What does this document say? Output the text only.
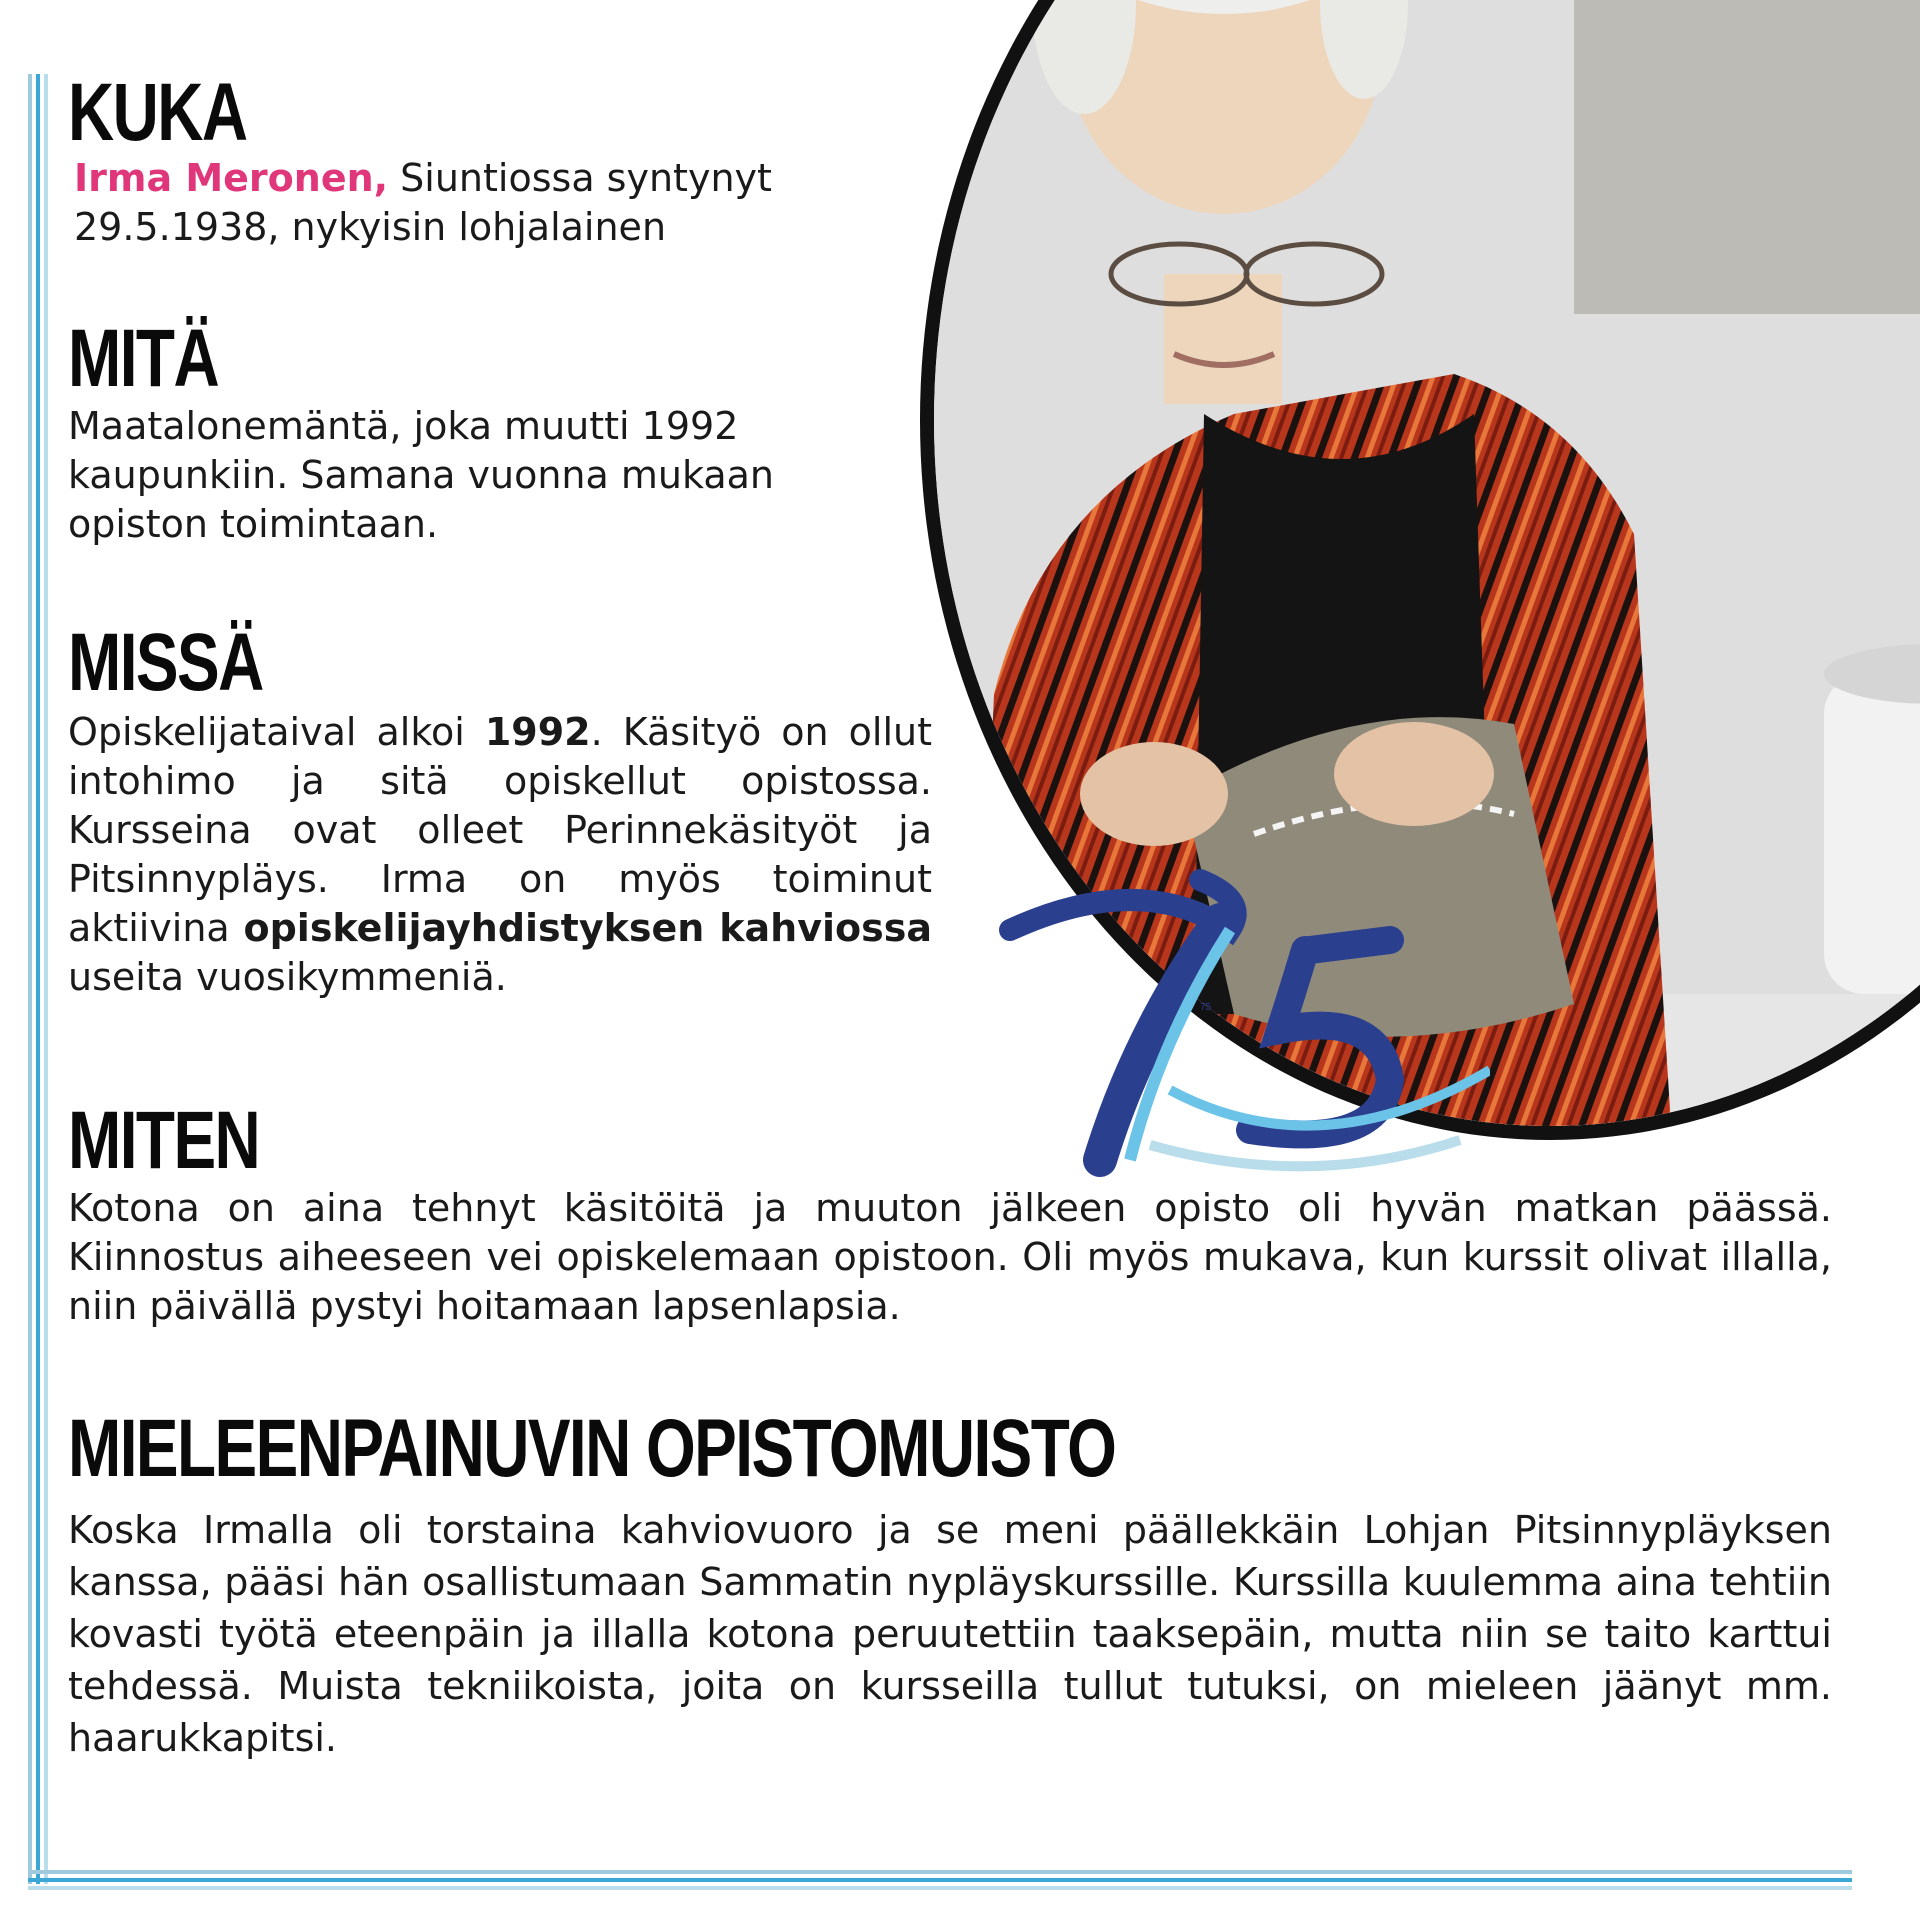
75
KUKA

Irma Meronen, Siuntiossa syntynyt
29.5.1938, nykyisin lohjalainen

MITÄ

Maatalonemäntä, joka muutti 1992 kaupunkiin. Samana vuonna mukaan opiston toimintaan.

MISSÄ

Opiskelijataival alkoi 1992. Käsityö on ollut intohimo ja sitä opiskellut opistossa. Kursseina ovat olleet Perinnekäsityöt ja Pitsinnypläys. Irma on myös toiminut aktiivina opiskelijayhdistyksen kahviossa useita vuosikymmeniä.

MITEN

Kotona on aina tehnyt käsitöitä ja muuton jälkeen opisto oli hyvän matkan päässä. Kiinnostus aiheeseen vei opiskelemaan opistoon. Oli myös mukava, kun kurssit olivat illalla, niin päivällä pystyi hoitamaan lapsenlapsia.

MIELEENPAINUVIN OPISTOMUISTO

Koska Irmalla oli torstaina kahviovuoro ja se meni päällekkäin Lohjan Pitsinnypläyksen kanssa, pääsi hän osallistumaan Sammatin nypläyskurssille. Kurssilla kuulemma aina tehtiin kovasti työtä eteenpäin ja illalla kotona peruutettiin taaksepäin, mutta niin se taito karttui tehdessä. Muista tekniikoista, joita on kursseilla tullut tutuksi, on mieleen jäänyt mm. haarukkapitsi.
